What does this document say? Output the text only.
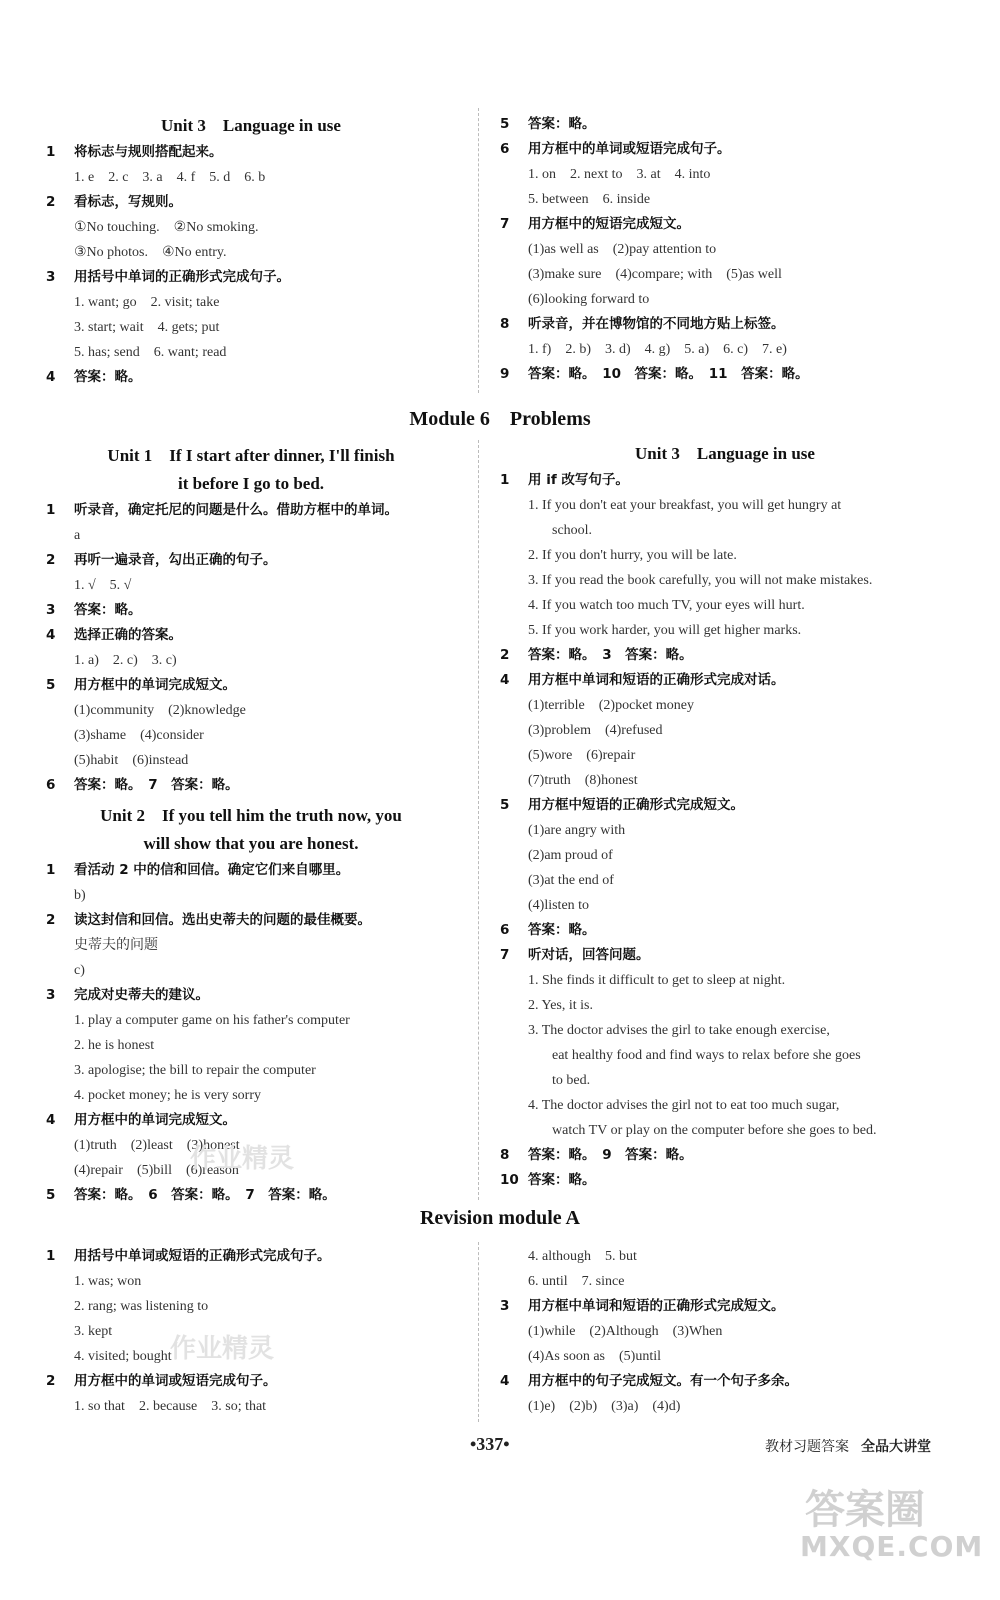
Unit 3　Language in use
1	将标志与规则搭配起来。
1. e　2. c　3. a　4. f　5. d　6. b
2	看标志，写规则。
①No touching.　②No smoking.
③No photos.　④No entry.
3	用括号中单词的正确形式完成句子。
1. want; go　2. visit; take
3. start; wait　4. gets; put
5. has; send　6. want; read
4	答案：略。
5	答案：略。
6	用方框中的单词或短语完成句子。
1. on　2. next to　3. at　4. into
5. between　6. inside
7	用方框中的短语完成短文。
(1)as well as　(2)pay attention to
(3)make sure　(4)compare; with　(5)as well
(6)looking forward to
8	听录音，并在博物馆的不同地方贴上标签。
1. f)　2. b)　3. d)　4. g)　5. a)　6. c)　7. e)
9	答案：略。　10　答案：略。　11　答案：略。
Module 6　Problems
Unit 1　If I start after dinner, I'll finish
it before I go to bed.
1	听录音，确定托尼的问题是什么。借助方框中的单词。
a
2	再听一遍录音，勾出正确的句子。
1. √　5. √
3	答案：略。
4	选择正确的答案。
1. a)　2. c)　3. c)
5	用方框中的单词完成短文。
(1)community　(2)knowledge
(3)shame　(4)consider
(5)habit　(6)instead
6	答案：略。　7　答案：略。
Unit 2　If you tell him the truth now, you
will show that you are honest.
1	看活动 2 中的信和回信。确定它们来自哪里。
b)
2	读这封信和回信。选出史蒂夫的问题的最佳概要。
史蒂夫的问题
c)
3	完成对史蒂夫的建议。
1. play a computer game on his father's computer
2. he is honest
3. apologise; the bill to repair the computer
4. pocket money; he is very sorry
4	用方框中的单词完成短文。
(1)truth　(2)least　(3)honest
(4)repair　(5)bill　(6)reason
5	答案：略。　6　答案：略。　7　答案：略。
Unit 3　Language in use
1	用 if 改写句子。
1. If you don't eat your breakfast, you will get hungry at
school.
2. If you don't hurry, you will be late.
3. If you read the book carefully, you will not make mistakes.
4. If you watch too much TV, your eyes will hurt.
5. If you work harder, you will get higher marks.
2	答案：略。　3　答案：略。
4	用方框中单词和短语的正确形式完成对话。
(1)terrible　(2)pocket money
(3)problem　(4)refused
(5)wore　(6)repair
(7)truth　(8)honest
5	用方框中短语的正确形式完成短文。
(1)are angry with
(2)am proud of
(3)at the end of
(4)listen to
6	答案：略。
7	听对话，回答问题。
1. She finds it difficult to get to sleep at night.
2. Yes, it is.
3. The doctor advises the girl to take enough exercise,
eat healthy food and find ways to relax before she goes
to bed.
4. The doctor advises the girl not to eat too much sugar,
watch TV or play on the computer before she goes to bed.
8	答案：略。　9　答案：略。
10 答案：略。
Revision module A
1	用括号中单词或短语的正确形式完成句子。
1. was; won
2. rang; was listening to
3. kept
4. visited; bought
2	用方框中的单词或短语完成句子。
1. so that　2. because　3. so; that
4. although　5. but
6. until　7. since
3	用方框中单词和短语的正确形式完成短文。
(1)while　(2)Although　(3)When
(4)As soon as　(5)until
4	用方框中的句子完成短文。有一个句子多余。
(1)e)　(2)b)　(3)a)　(4)d)
•337•	教材习题答案 全品大讲堂
作业精灵
作业精灵
答案圈
MXQE.COM
